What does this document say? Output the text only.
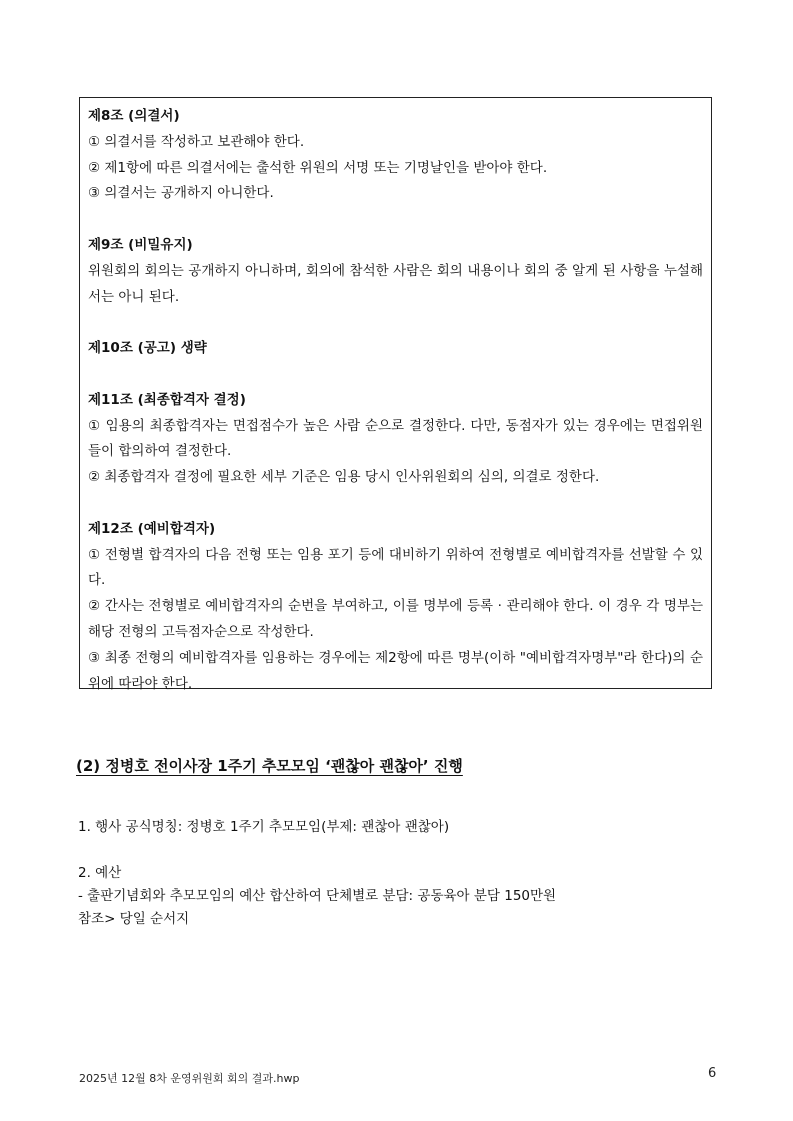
제8조 (의결서)

① 의결서를 작성하고 보관해야 한다.

② 제1항에 따른 의결서에는 출석한 위원의 서명 또는 기명날인을 받아야 한다.

③ 의결서는 공개하지 아니한다.

제9조 (비밀유지)

위원회의 회의는 공개하지 아니하며, 회의에 참석한 사람은 회의 내용이나 회의 중 알게 된 사항을 누설해서는 아니 된다.

제10조 (공고) 생략

제11조 (최종합격자 결정)

① 임용의 최종합격자는 면접점수가 높은 사람 순으로 결정한다. 다만, 동점자가 있는 경우에는 면접위원들이 합의하여 결정한다.

② 최종합격자 결정에 필요한 세부 기준은 임용 당시 인사위원회의 심의, 의결로 정한다.

제12조 (예비합격자)

① 전형별 합격자의 다음 전형 또는 임용 포기 등에 대비하기 위하여 전형별로 예비합격자를 선발할 수 있다.

② 간사는 전형별로 예비합격자의 순번을 부여하고, 이를 명부에 등록 · 관리해야 한다. 이 경우 각 명부는 해당 전형의 고득점자순으로 작성한다.

③ 최종 전형의 예비합격자를 임용하는 경우에는 제2항에 따른 명부(이하 "예비합격자명부"라 한다)의 순위에 따라야 한다.

(2) 정병호 전이사장 1주기 추모모임 ‘괜찮아 괜찮아’ 진행

1. 행사 공식명칭: 정병호 1주기 추모모임(부제: 괜찮아 괜찮아)

2. 예산

- 출판기념회와 추모모임의 예산 합산하여 단체별로 분담: 공동육아 분담 150만원

참조> 당일 순서지

2025년 12월 8차 운영위원회 회의 결과.hwp	6
